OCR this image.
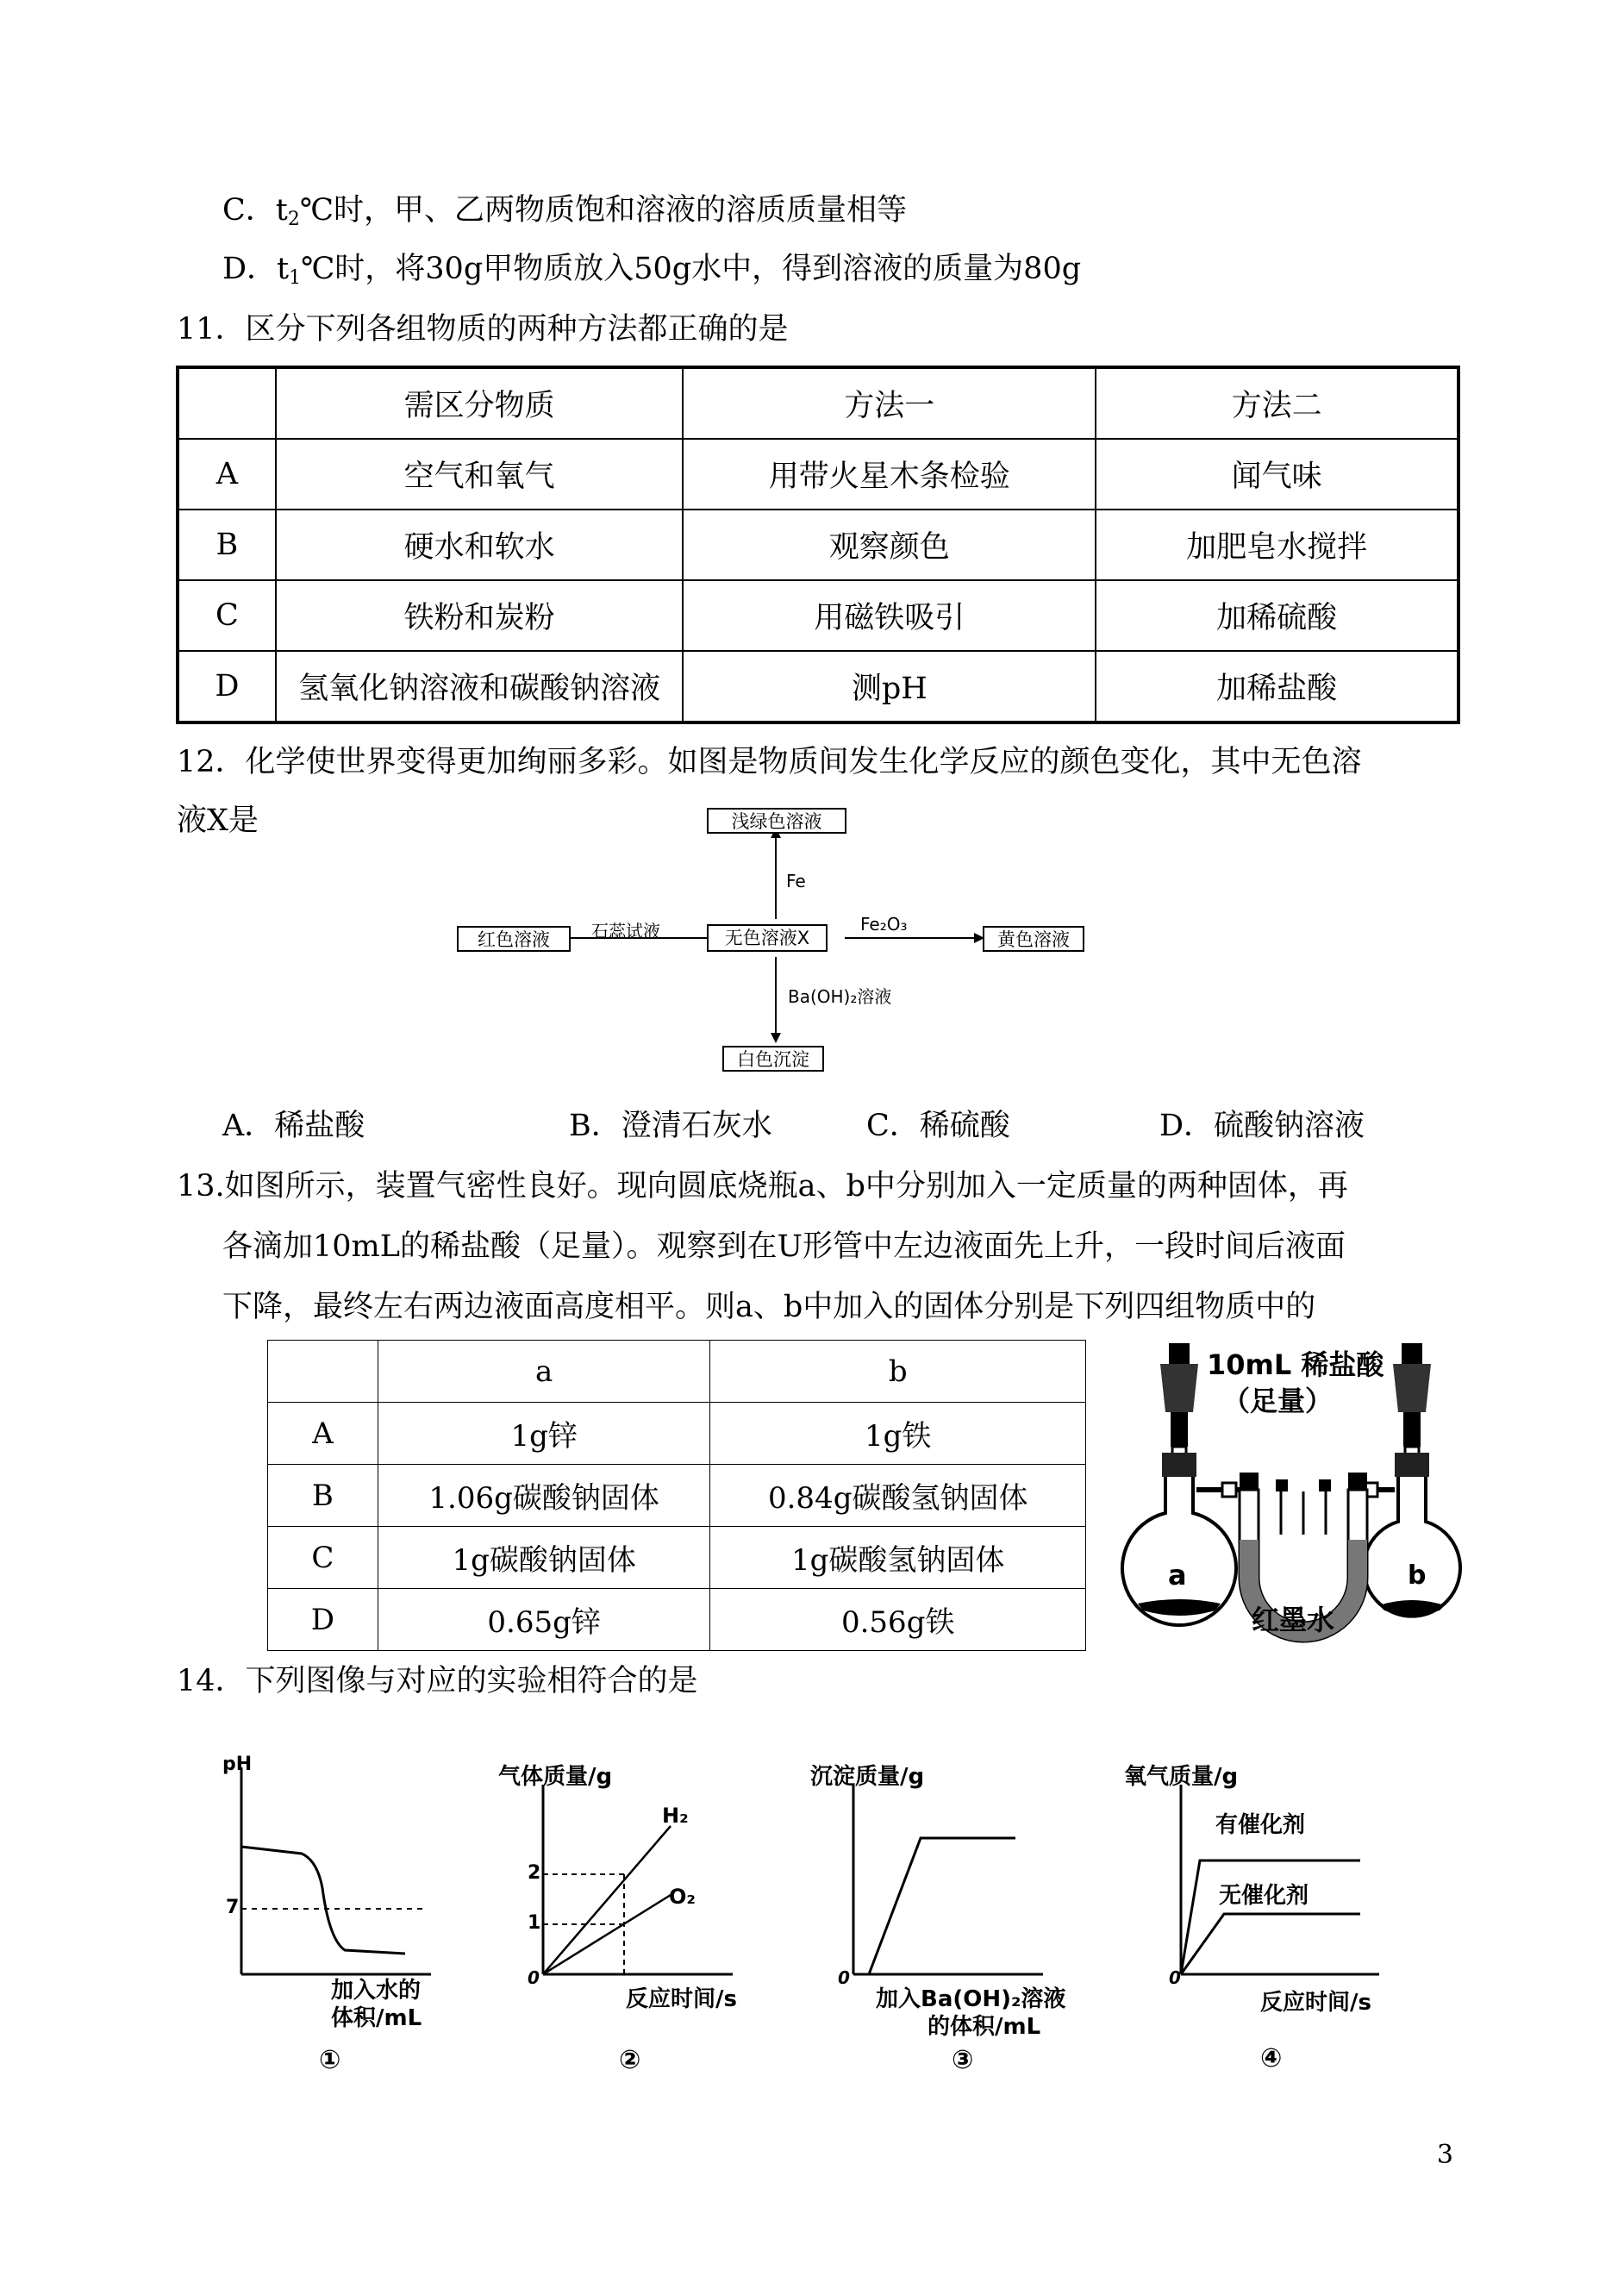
C．$t_2℃$时，甲、乙两物质饱和溶液的溶质质量相等
D．$t_1℃$时，将30g甲物质放入50g水中，得到溶液的质量为80g
11．区分下列各组物质的两种方法都正确的是
	需区分物质	方法一	方法二
A	空气和氧气	用带火星木条检验	闻气味
B	硬水和软水	观察颜色	加肥皂水搅拌
C	铁粉和炭粉	用磁铁吸引	加稀硫酸
D	氢氧化钠溶液和碳酸钠溶液	测pH	加稀盐酸
12．化学使世界变得更加绚丽多彩。如图是物质间发生化学反应的颜色变化，其中无色溶
液X是	浅绿色溶液
Fe
无色溶液X
石蕊试液
红色溶液
Fe₂O₃
黄色溶液
Ba(OH)₂溶液
白色沉淀
A．稀盐酸	B．澄清石灰水	C．稀硫酸	D．硫酸钠溶液
13.如图所示，装置气密性良好。现向圆底烧瓶a、b中分别加入一定质量的两种固体，再
各滴加10mL的稀盐酸（足量）。观察到在U形管中左边液面先上升，一段时间后液面
下降，最终左右两边液面高度相平。则a、b中加入的固体分别是下列四组物质中的
	a	b
A	1g锌	1g铁
B	1.06g碳酸钠固体	0.84g碳酸氢钠固体
C	1g碳酸钠固体	1g碳酸氢钠固体
D	0.65g锌	0.56g铁
10mL 稀盐酸
（足量）
a	b
红墨水
14．下列图像与对应的实验相符合的是
pH
7
加入水的
体积/mL
①
气体质量/g
H₂
O₂
2
1
0
反应时间/s
②
沉淀质量/g
0
加入Ba(OH)₂溶液
的体积/mL
③
氧气质量/g
有催化剂
无催化剂
0
反应时间/s
④
3
